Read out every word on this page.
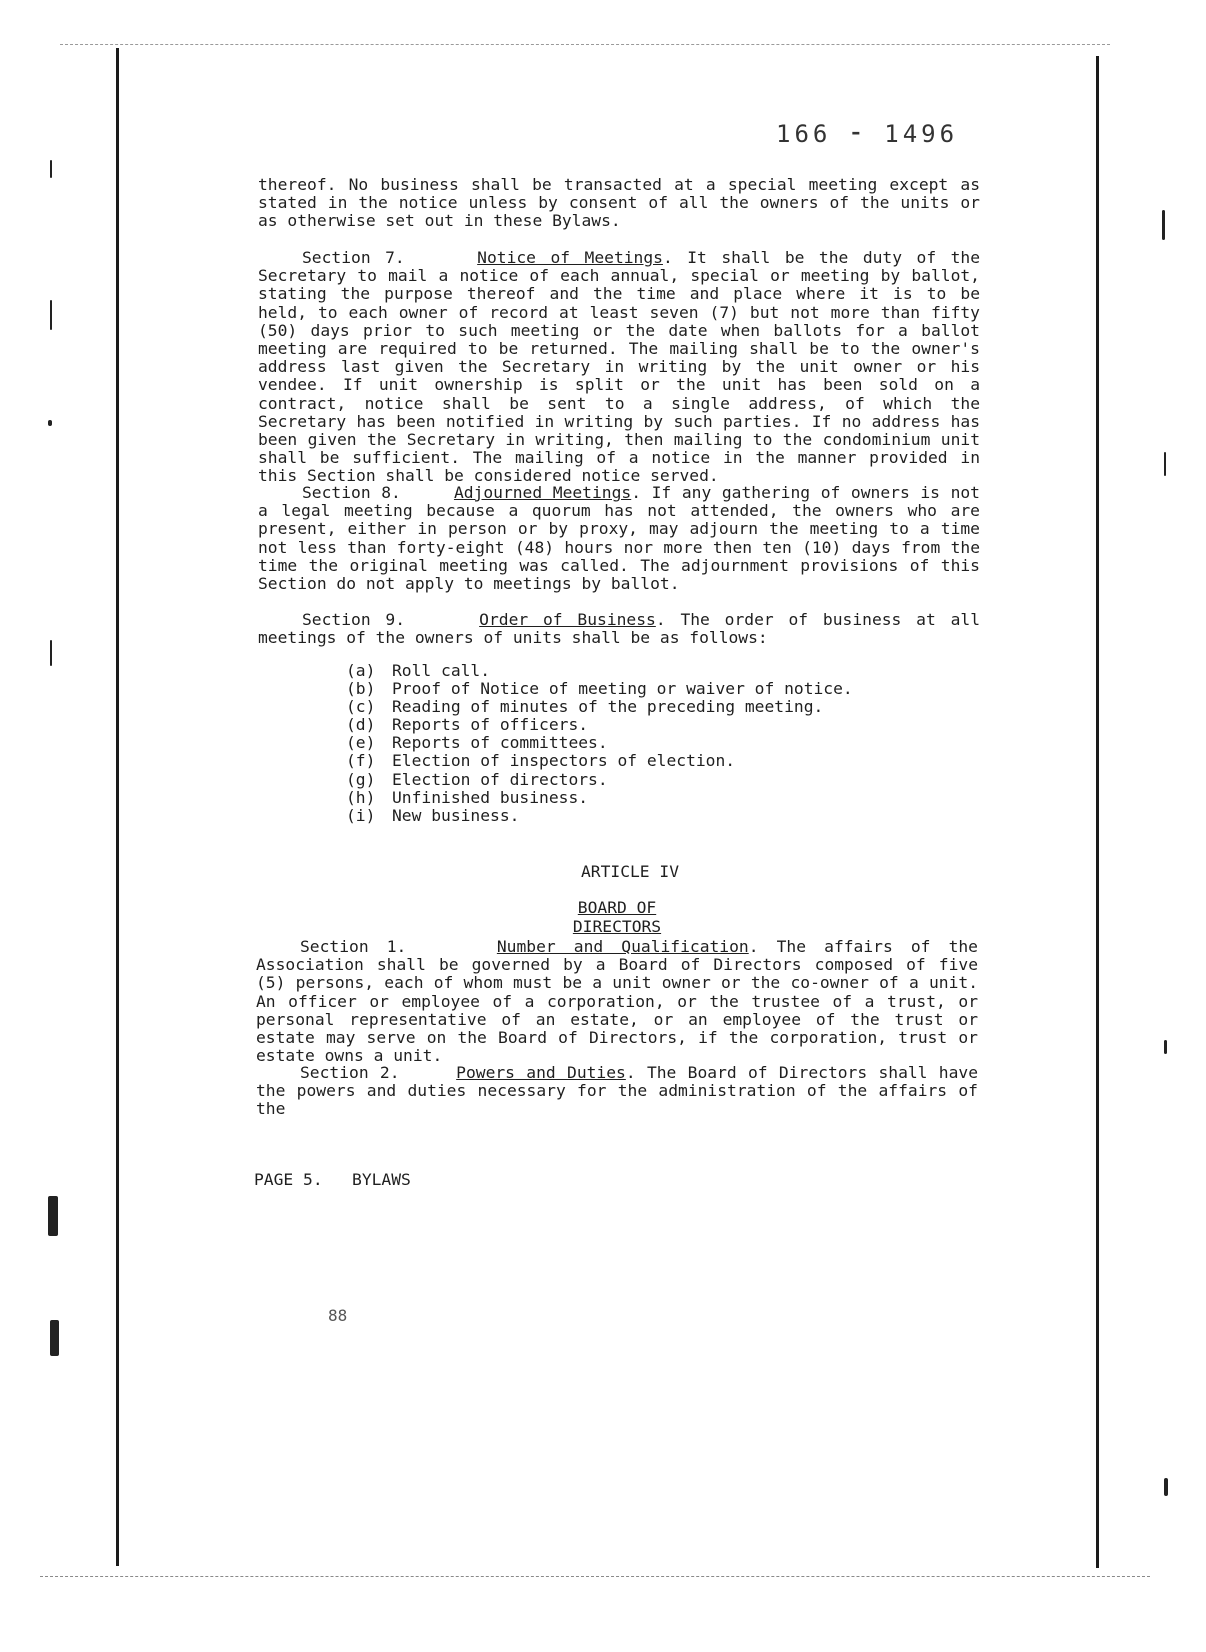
166 ⁃ 1496

thereof. No business shall be transacted at a special meeting except as stated in the notice unless by consent of all the owners of the units or as otherwise set out in these Bylaws.

Section 7.	Notice of Meetings. It shall be the duty of the Secretary to mail a notice of each annual, special or meeting by ballot, stating the purpose thereof and the time and place where it is to be held, to each owner of record at least seven (7) but not more than fifty (50) days prior to such meeting or the date when ballots for a ballot meeting are required to be returned. The mailing shall be to the owner's address last given the Secretary in writing by the unit owner or his vendee. If unit ownership is split or the unit has been sold on a contract, notice shall be sent to a single address, of which the Secretary has been notified in writing by such parties. If no address has been given the Secretary in writing, then mailing to the condominium unit shall be sufficient. The mailing of a notice in the manner provided in this Section shall be considered notice served.

Section 8.	Adjourned Meetings. If any gathering of owners is not a legal meeting because a quorum has not attended, the owners who are present, either in person or by proxy, may adjourn the meeting to a time not less than forty-eight (48) hours nor more then ten (10) days from the time the original meeting was called. The adjournment provisions of this Section do not apply to meetings by ballot.

Section 9.	Order of Business. The order of business at all meetings of the owners of units shall be as follows:

(a)	Roll call.
(b)	Proof of Notice of meeting or waiver of notice.
(c)	Reading of minutes of the preceding meeting.
(d)	Reports of officers.
(e)	Reports of committees.
(f)	Election of inspectors of election.
(g)	Election of directors.
(h)	Unfinished business.
(i)	New business.
ARTICLE IV
BOARD OF DIRECTORS

Section 1.	Number and Qualification. The affairs of the Association shall be governed by a Board of Directors composed of five (5) persons, each of whom must be a unit owner or the co-owner of a unit. An officer or employee of a corporation, or the trustee of a trust, or personal representative of an estate, or an employee of the trust or estate may serve on the Board of Directors, if the corporation, trust or estate owns a unit.

Section 2.	Powers and Duties. The Board of Directors shall have the powers and duties necessary for the administration of the affairs of the

PAGE 5.   BYLAWS
88
